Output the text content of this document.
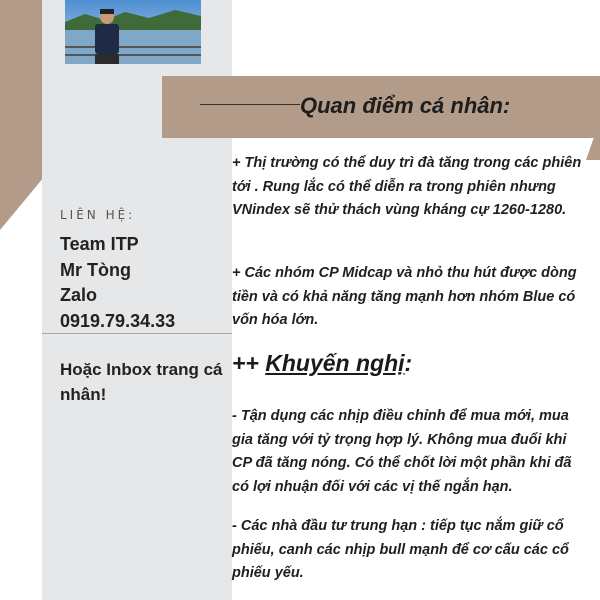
LIÊN HỆ:
Team ITP
Mr Tòng
Zalo
0919.79.34.33
Hoặc Inbox trang cá nhân!
Quan điểm cá nhân:
+ Thị trường có thể duy trì đà tăng trong các phiên tới . Rung lắc có thể diễn ra trong phiên nhưng VNindex sẽ thử thách vùng kháng cự 1260-1280.
+ Các nhóm CP Midcap và nhỏ thu hút được dòng tiền và có khả năng tăng mạnh hơn nhóm Blue có vốn hóa lớn.
++ Khuyến nghị:
- Tận dụng các nhịp điều chỉnh để mua mới, mua gia tăng với tỷ trọng hợp lý. Không mua đuổi khi CP đã tăng nóng. Có thể chốt lời một phần khi đã có lợi nhuận đối với các vị thế ngắn hạn.
- Các nhà đầu tư trung hạn : tiếp tục nắm giữ cổ phiếu, canh các nhịp bull mạnh để cơ cấu các cổ phiếu yếu.
